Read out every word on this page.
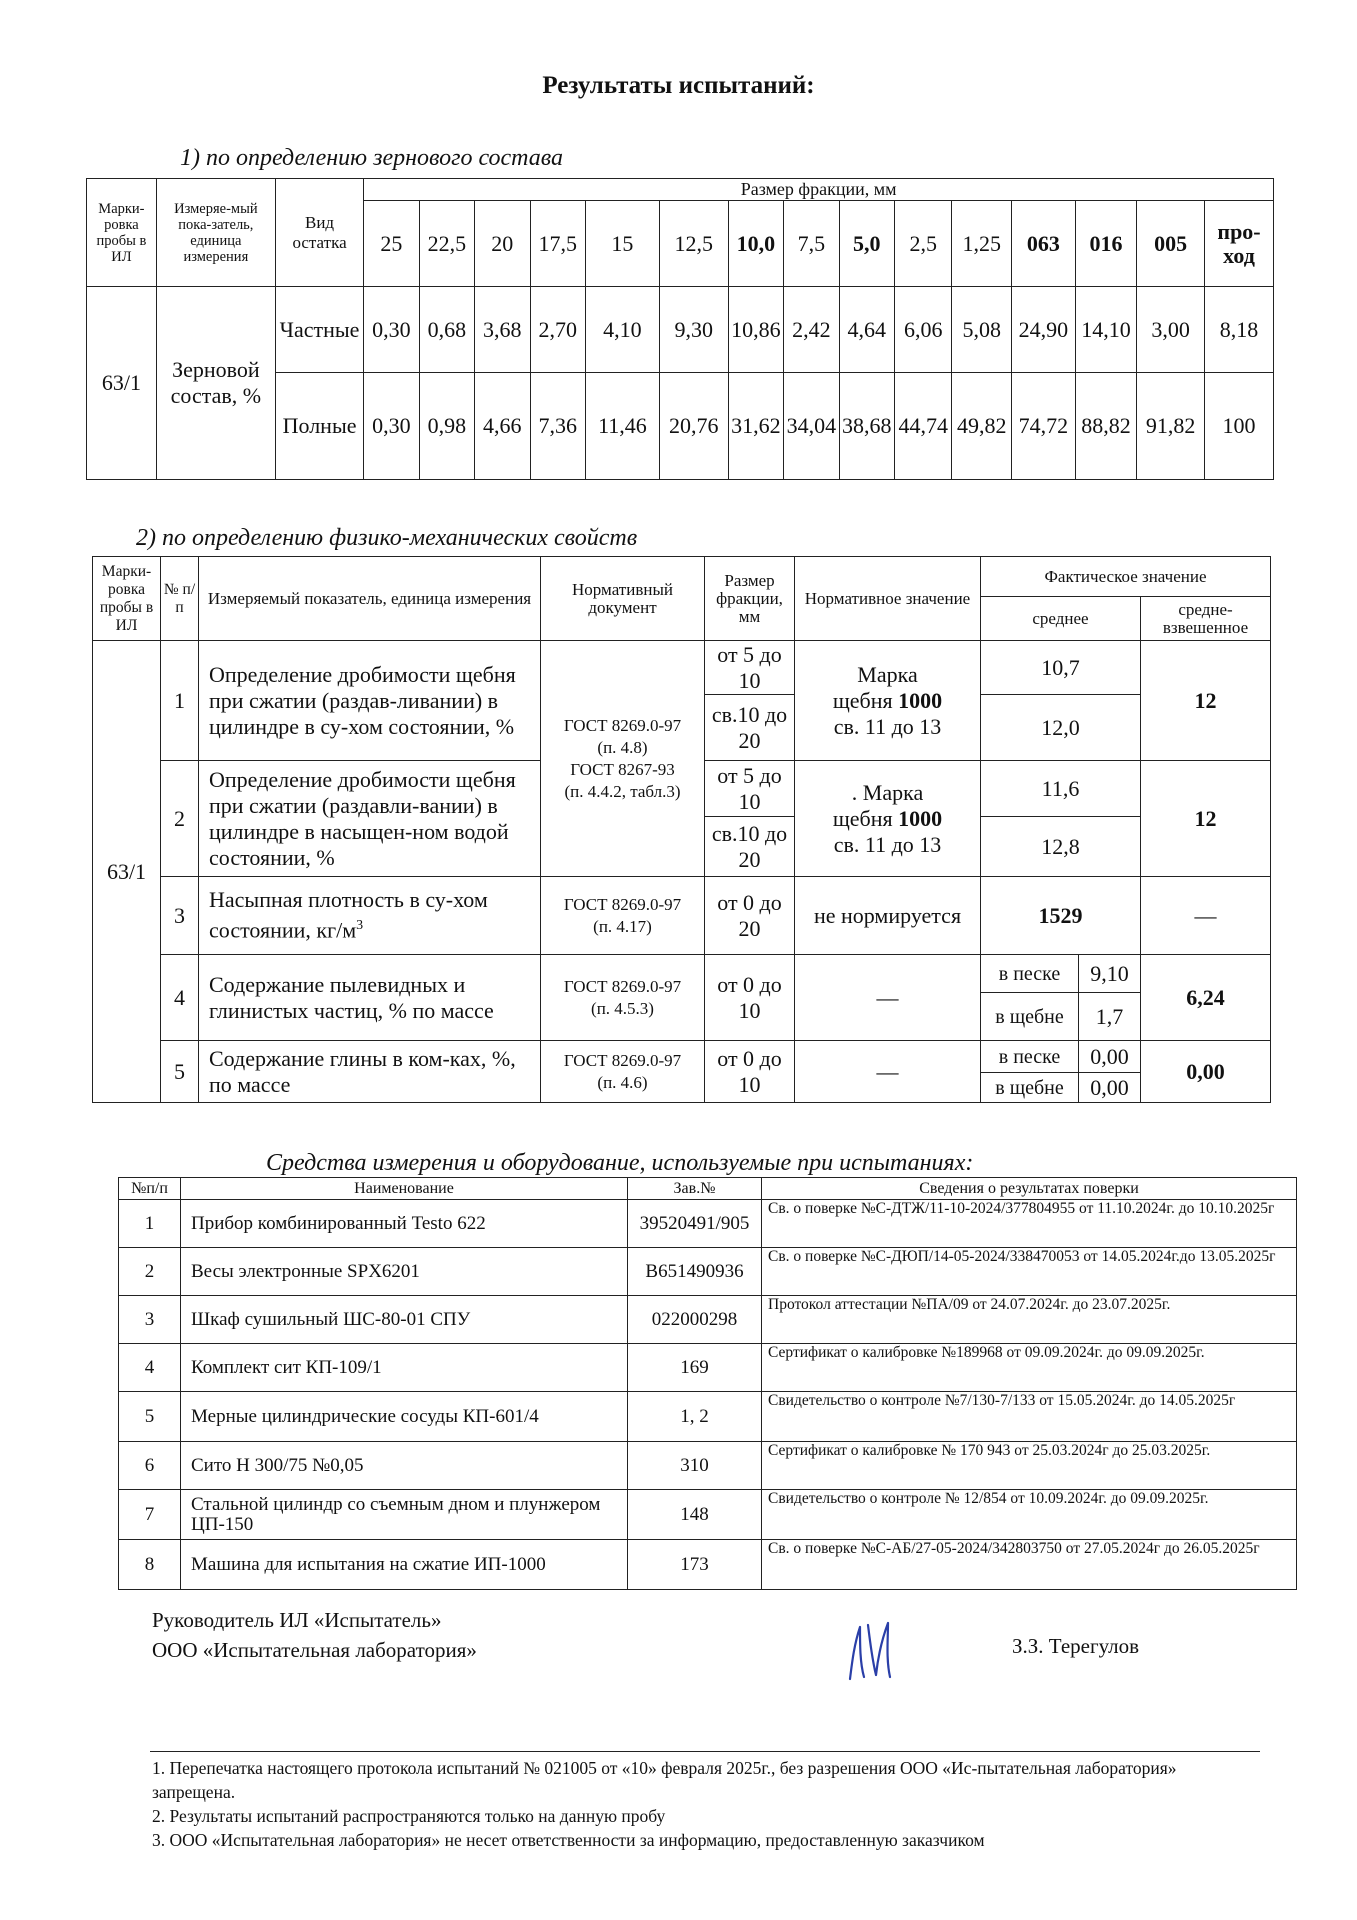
Результаты испытаний:
1) по определению зернового состава
Марки-ровка пробы в ИЛ	Измеряе-мый пока-затель, единица измерения	Вид остатка	Размер фракции, мм														
			25	22,5	20	17,5	15	12,5	10,0	7,5	5,0	2,5	1,25	063	016	005	про-ход
63/1	Зерновой состав, %	Частные	0,30	0,68	3,68	2,70	4,10	9,30	10,86	2,42	4,64	6,06	5,08	24,90	14,10	3,00	8,18
		Полные	0,30	0,98	4,66	7,36	11,46	20,76	31,62	34,04	38,68	44,74	49,82	74,72	88,82	91,82	100
2) по определению физико-механических свойств
Марки-ровка пробы в ИЛ	№ п/п	Измеряемый показатель, единица измерения	Нормативный документ	Размер фракции, мм	Нормативное значение	Фактическое значение		
						среднее		средне-взвешенное
63/1	1	Определение дробимости щебня при сжатии (раздав-ливании) в цилиндре в су-хом состоянии, %	ГОСТ 8269.0-97
(п. 4.8)
ГОСТ 8267-93
(п. 4.4.2, табл.3)	от 5 до 10	Марка
щебня 1000
св. 11 до 13	10,7		12
				св.10 до 20		12,0		
	2	Определение дробимости щебня при сжатии (раздавли-вании) в цилиндре в насыщен-ном водой состоянии, %		от 5 до 10	. Марка
щебня 1000
св. 11 до 13	11,6		12
				св.10 до 20		12,8		
	3	Насыпная плотность в су-хом состоянии, $кг/м^3$	ГОСТ 8269.0-97
(п. 4.17)	от 0 до 20	не нормируется	1529		—
	4	Содержание пылевидных и глинистых частиц, % по массе	ГОСТ 8269.0-97
(п. 4.5.3)	от 0 до 10	—	в песке	9,10	6,24
						в щебне	1,7	
	5	Содержание глины в ком-ках, %, по массе	ГОСТ 8269.0-97
(п. 4.6)	от 0 до 10	—	в песке	0,00	0,00
						в щебне	0,00	
Средства измерения и оборудование, используемые при испытаниях:
№п/п	Наименование	Зав.№	Сведения о результатах поверки
1	Прибор комбинированный Testo 622	39520491/905	Св. о поверке №С-ДТЖ/11-10-2024/377804955 от 11.10.2024г. до 10.10.2025г
2	Весы электронные SPX6201	B651490936	Св. о поверке №С-ДЮП/14-05-2024/338470053 от 14.05.2024г.до 13.05.2025г
3	Шкаф сушильный ШС-80-01 СПУ	022000298	Протокол аттестации №ПА/09 от 24.07.2024г. до 23.07.2025г.
4	Комплект сит КП-109/1	169	Сертификат о калибровке №189968 от 09.09.2024г. до 09.09.2025г.
5	Мерные цилиндрические сосуды КП-601/4	1, 2	Свидетельство о контроле №7/130-7/133 от 15.05.2024г. до 14.05.2025г
6	Сито Н 300/75 №0,05	310	Сертификат о калибровке № 170 943 от 25.03.2024г до 25.03.2025г.
7	Стальной цилиндр со съемным дном и плунжером ЦП-150	148	Свидетельство о контроле № 12/854 от 10.09.2024г. до 09.09.2025г.
8	Машина для испытания на сжатие ИП-1000	173	Св. о поверке №С-АБ/27-05-2024/342803750 от 27.05.2024г до 26.05.2025г
Руководитель ИЛ «Испытатель»
ООО «Испытательная лаборатория»	З.З. Терегулов

1. Перепечатка настоящего протокола испытаний № 021005 от «10» февраля 2025г., без разрешения ООО «Ис-пытательная лаборатория» запрещена.

2. Результаты испытаний распространяются только на данную пробу

3. ООО «Испытательная лаборатория» не несет ответственности за информацию, предоставленную заказчиком
